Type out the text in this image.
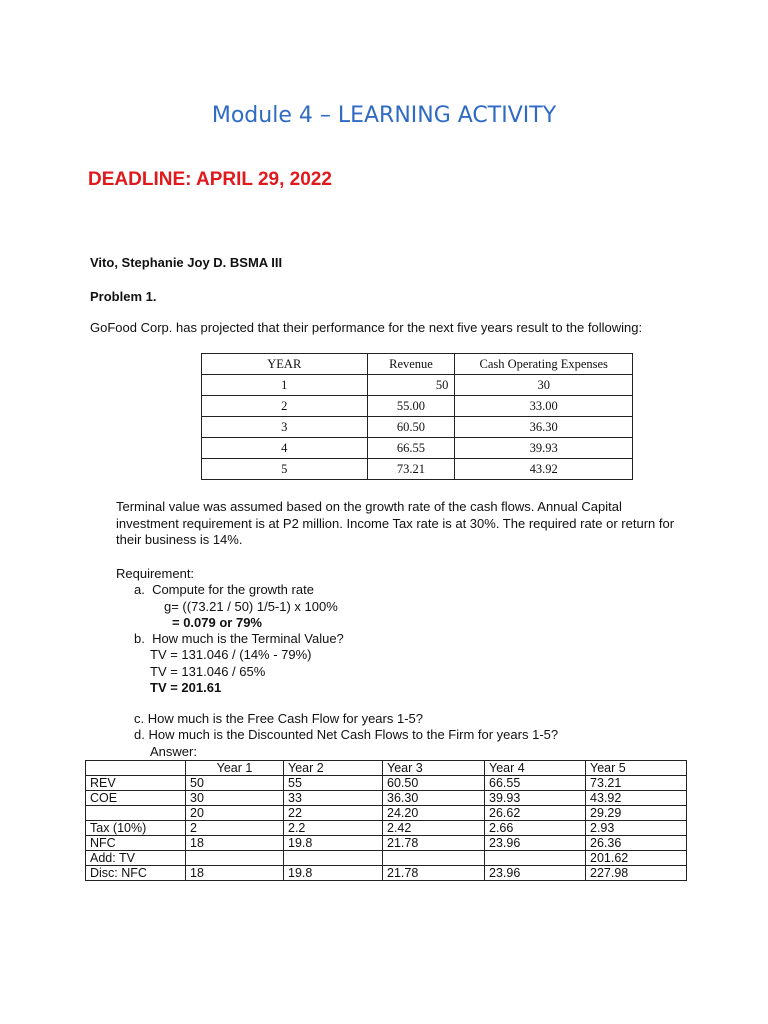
Module 4 – LEARNING ACTIVITY
DEADLINE: APRIL 29, 2022
Vito, Stephanie Joy D. BSMA III
Problem 1.
GoFood Corp. has projected that their performance for the next five years result to the following:
YEAR	Revenue	Cash Operating Expenses
1	50	30
2	55.00	33.00
3	60.50	36.30
4	66.55	39.93
5	73.21	43.92
Terminal value was assumed based on the growth rate of the cash flows. Annual Capital investment requirement is at P2 million. Income Tax rate is at 30%. The required rate or return for their business is 14%.
Requirement:
a.  Compute for the growth rate
g= ((73.21 / 50) 1/5-1) x 100%
= 0.079 or 79%
b.  How much is the Terminal Value?
TV = 131.046 / (14% - 79%)
TV = 131.046 / 65%
TV = 201.61
c. How much is the Free Cash Flow for years 1-5?
d. How much is the Discounted Net Cash Flows to the Firm for years 1-5?
Answer:
	Year 1	Year 2	Year 3	Year 4	Year 5
REV	50	55	60.50	66.55	73.21
COE	30	33	36.30	39.93	43.92
	20	22	24.20	26.62	29.29
Tax (10%)	2	2.2	2.42	2.66	2.93
NFC	18	19.8	21.78	23.96	26.36
Add: TV					201.62
Disc: NFC	18	19.8	21.78	23.96	227.98
